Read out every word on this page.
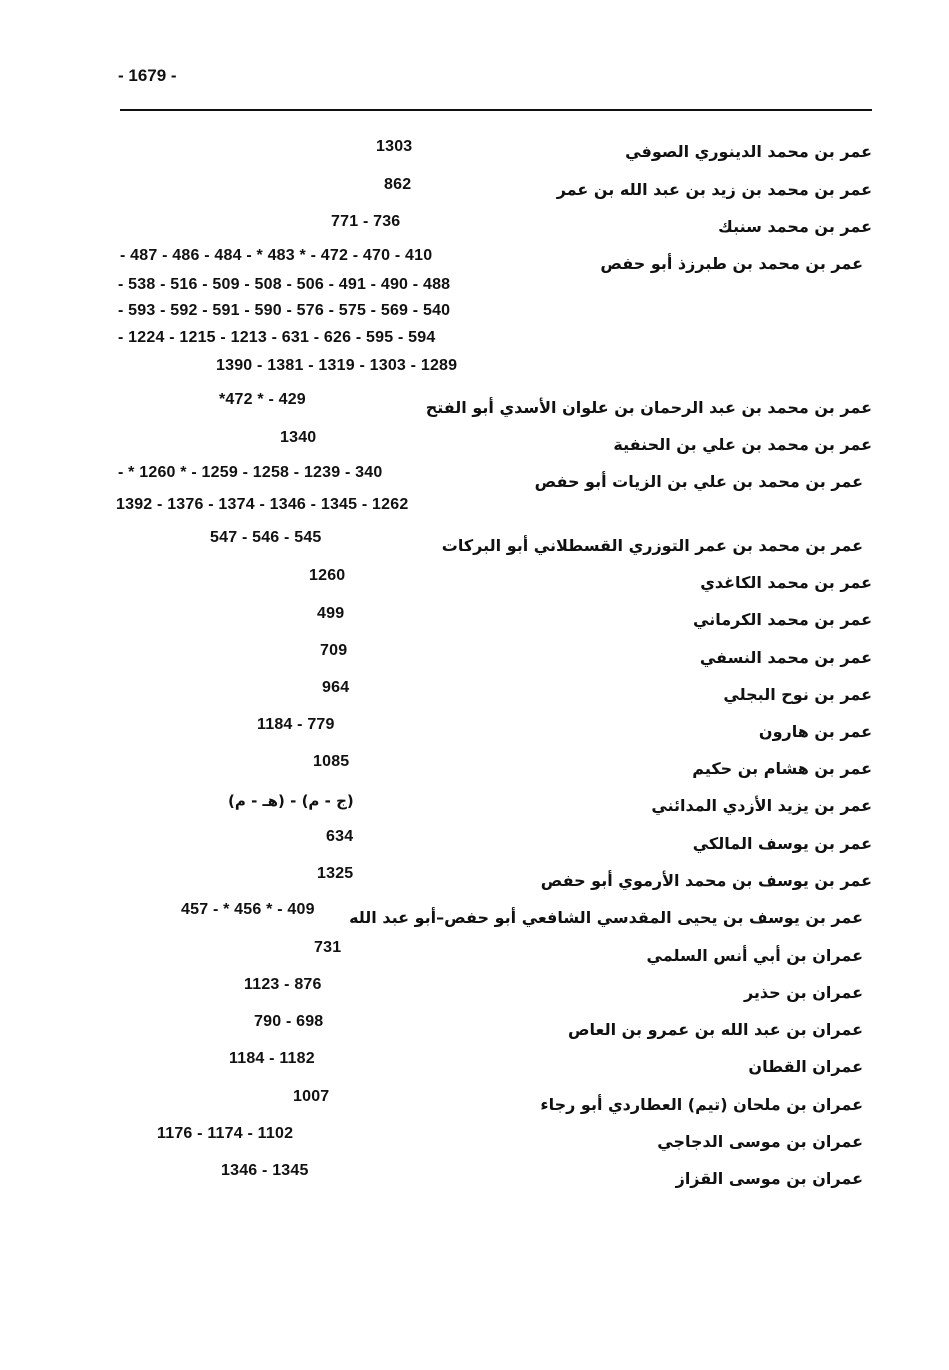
- 1679 -
عمر بن محمد الدينوري الصوفي
1303
عمر بن محمد بن زيد بن عبد الله بن عمر
862
عمر بن محمد سنبك
771 - 736
عمر بن محمد بن طبرزذ أبو حفص
- 487 - 486 - 484 - * 483 * - 472 - 470 - 410
- 538 - 516 - 509 - 508 - 506 - 491 - 490 - 488
- 593 - 592 - 591 - 590 - 576 - 575 - 569 - 540
- 1224 - 1215 - 1213 - 631 - 626 - 595 - 594
1390 - 1381 - 1319 - 1303 - 1289
عمر بن محمد بن عبد الرحمان بن علوان الأسدي أبو الفتح
*472 * - 429
عمر بن محمد بن علي بن الحنفية
1340
عمر بن محمد بن علي بن الزيات أبو حفص
- * 1260 * - 1259 - 1258 - 1239 - 340
1392 - 1376 - 1374 - 1346 - 1345 - 1262
عمر بن محمد بن عمر التوزري القسطلاني أبو البركات
547 - 546 - 545
عمر بن محمد الكاغدي
1260
عمر بن محمد الكرماني
499
عمر بن محمد النسفي
709
عمر بن نوح البجلي
964
عمر بن هارون
1184 - 779
عمر بن هشام بن حكيم
1085
عمر بن يزيد الأزدي المدائني
(ج - م) - (هـ - م)
عمر بن يوسف المالكي
634
عمر بن يوسف بن محمد الأرموي أبو حفص
1325
عمر بن يوسف بن يحيى المقدسي الشافعي أبو حفص–أبو عبد الله
457 - * 456 * - 409
عمران بن أبي أنس السلمي
731
عمران بن حذير
1123 - 876
عمران بن عبد الله بن عمرو بن العاص
790 - 698
عمران القطان
1184 - 1182
عمران بن ملحان (تيم) العطاردي أبو رجاء
1007
عمران بن موسى الدجاجي
1176 - 1174 - 1102
عمران بن موسى القزاز
1346 - 1345
